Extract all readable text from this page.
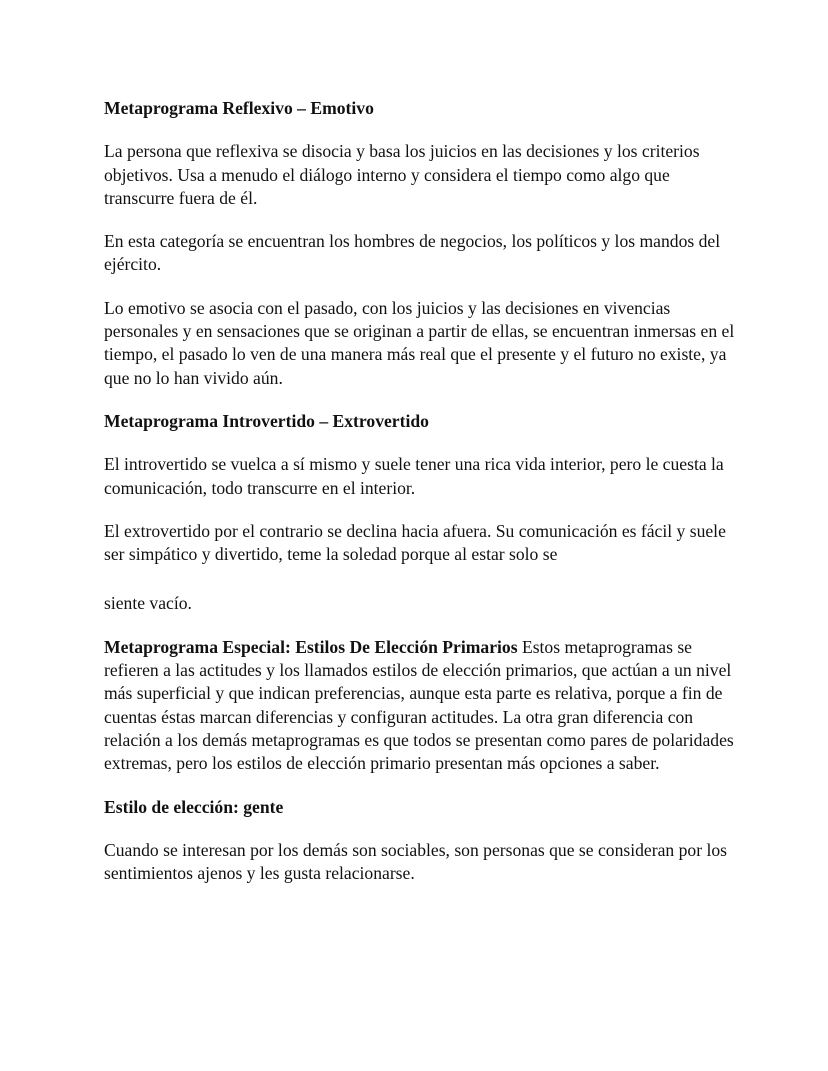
Metaprograma Reflexivo – Emotivo

La persona que reflexiva se disocia y basa los juicios en las decisiones y los criterios objetivos. Usa a menudo el diálogo interno y considera el tiempo como algo que transcurre fuera de él.

En esta categoría se encuentran los hombres de negocios, los políticos y los mandos del ejército.

Lo emotivo se asocia con el pasado, con los juicios y las decisiones en vivencias personales y en sensaciones que se originan a partir de ellas, se encuentran inmersas en el tiempo, el pasado lo ven de una manera más real que el presente y el futuro no existe, ya que no lo han vivido aún.

Metaprograma Introvertido – Extrovertido

El introvertido se vuelca a sí mismo y suele tener una rica vida interior, pero le cuesta la comunicación, todo transcurre en el interior.

El extrovertido por el contrario se declina hacia afuera. Su comunicación es fácil y suele ser simpático y divertido, teme la soledad porque al estar solo se

siente vacío.

Metaprograma Especial: Estilos De Elección Primarios Estos metaprogramas se refieren a las actitudes y los llamados estilos de elección primarios, que actúan a un nivel más superficial y que indican preferencias, aunque esta parte es relativa, porque a fin de cuentas éstas marcan diferencias y configuran actitudes. La otra gran diferencia con relación a los demás metaprogramas es que todos se presentan como pares de polaridades extremas, pero los estilos de elección primario presentan más opciones a saber.

Estilo de elección: gente

Cuando se interesan por los demás son sociables, son personas que se consideran por los sentimientos ajenos y les gusta relacionarse.
